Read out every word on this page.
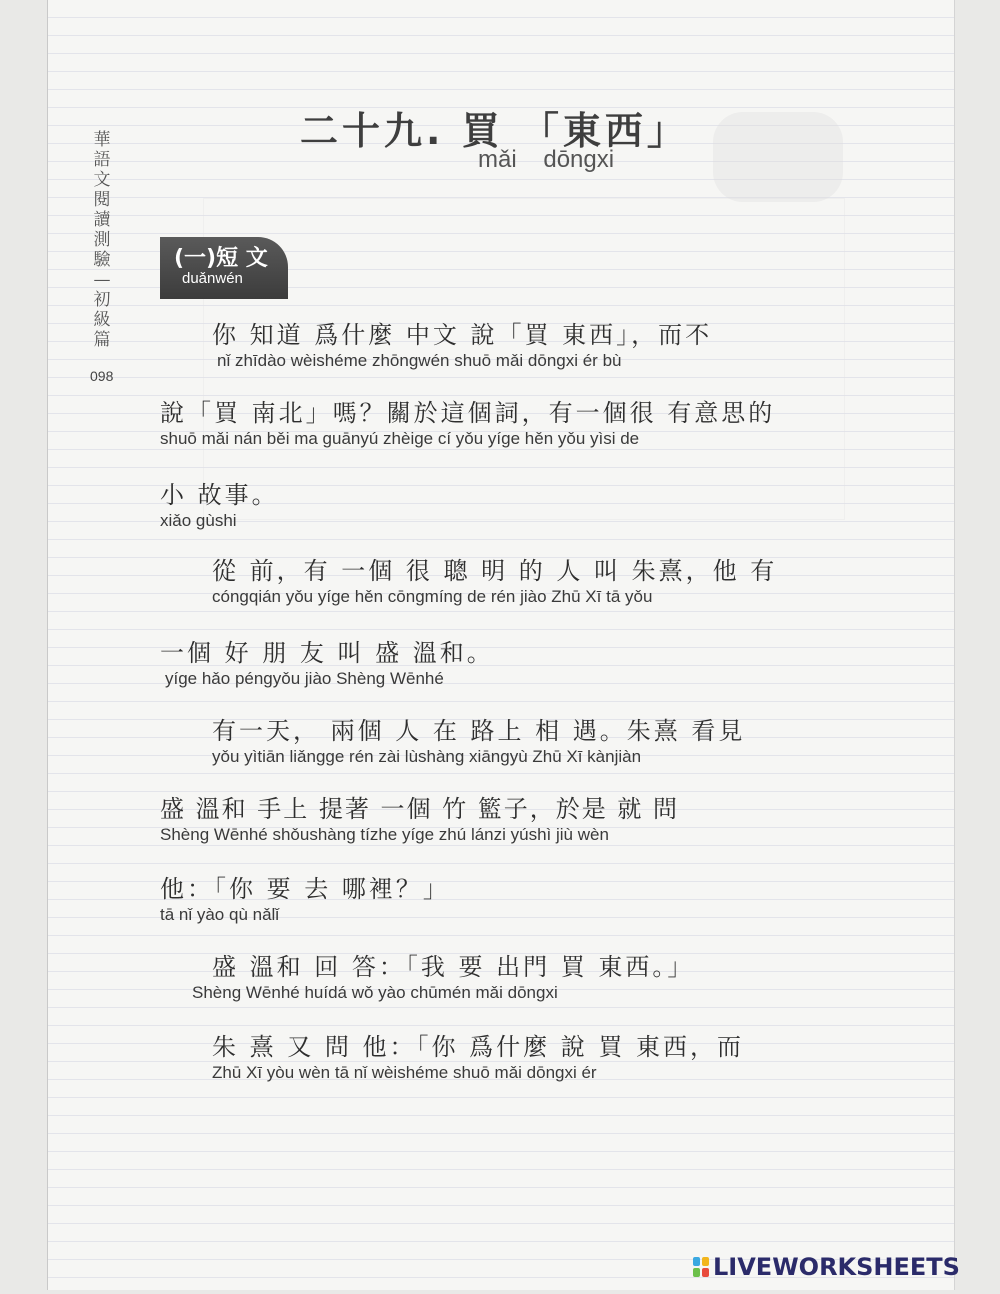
華語文閱讀測驗—初級篇
098
二十九. 買 「東西」
mǎi dōngxi
(一)短 文
duǎnwén
你 知道 爲什麼 中文 說「買 東西」，而不
nǐ zhīdào wèishéme zhōngwén shuō mǎi dōngxi ér bù
說「買 南北」嗎？關於這個詞，有一個很 有意思的
shuō mǎi nán běi ma guānyú zhèige cí yǒu yíge hěn yǒu yìsi de
小 故事。
xiǎo gùshi
從 前，有 一個 很 聰 明 的 人 叫 朱熹，他 有
cóngqián yǒu yíge hěn cōngmíng de rén jiào Zhū Xī tā yǒu
一個 好 朋 友 叫 盛 溫和。
yíge hǎo péngyǒu jiào Shèng Wēnhé
有一天， 兩個 人 在 路上 相 遇。朱熹 看見
yǒu yìtiān liǎngge rén zài lùshàng xiāngyù Zhū Xī kànjiàn
盛 溫和 手上 提著 一個 竹 籃子，於是 就 問
Shèng Wēnhé shǒushàng tízhe yíge zhú lánzi yúshì jiù wèn
他：「你 要 去 哪裡？」
tā nǐ yào qù nǎlǐ
盛 溫和 回 答：「我 要 出門 買 東西。」
Shèng Wēnhé huídá wǒ yào chūmén mǎi dōngxi
朱 熹 又 問 他：「你 爲什麼 說 買 東西，而
Zhū Xī yòu wèn tā nǐ wèishéme shuō mǎi dōngxi ér
LIVEWORKSHEETS
